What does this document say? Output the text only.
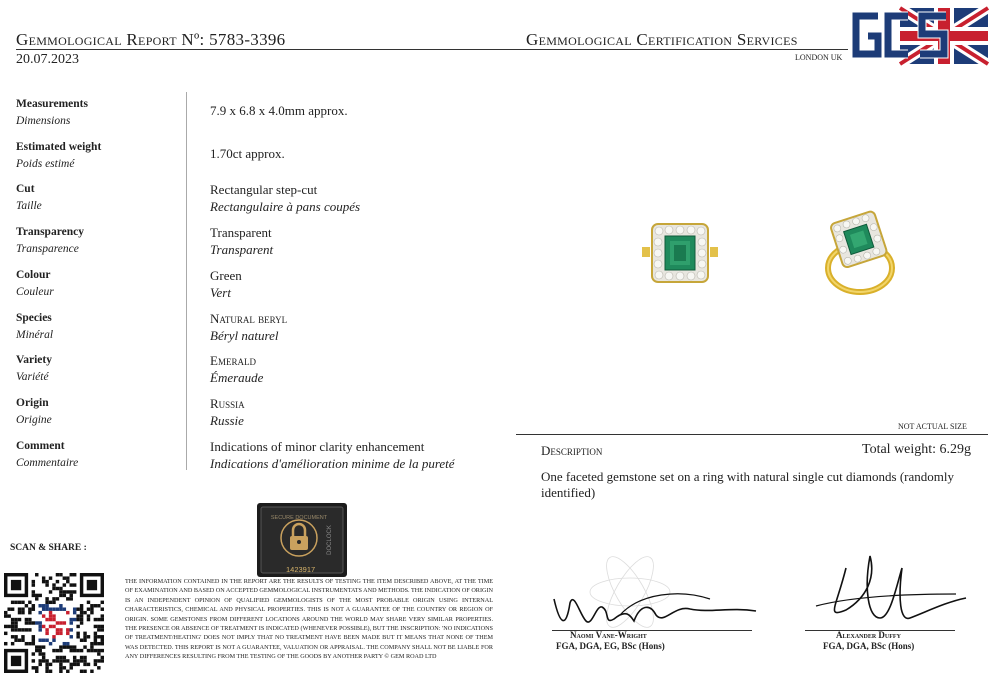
Gemmological Report Nº: 5783-3396
20.07.2023
Gemmological Certification Services
LONDON UK
GCS
Measurements
Dimensions
7.9 x 6.8 x 4.0mm approx.
Estimated weight
Poids estimé
1.70ct approx.
Cut
Taille
Rectangular step-cut
Rectangulaire à pans coupés
Transparency
Transparence
Transparent
Transparent
Colour
Couleur
Green
Vert
Species
Minéral
Natural beryl
Béryl naturel
Variety
Variété
Emerald
Émeraude
Origin
Origine
Russia
Russie
Comment
Commentaire
Indications of minor clarity enhancement
Indications d'amélioration minime de la pureté
NOT ACTUAL SIZE
Description	Total weight: 6.29g
One faceted gemstone set on a ring with natural single cut diamonds (randomly identified)
SCAN & SHARE :
SECURE DOCUMENT
DOCLOCK
1423917
THE INFORMATION CONTAINED IN THE REPORT ARE THE RESULTS OF TESTING THE ITEM DESCRIBED ABOVE, AT THE TIME OF EXAMINATION AND BASED ON ACCEPTED GEMMOLOGICAL INSTRUMENTATS AND METHODS. THE INDICATION OF ORIGIN IS AN INDEPENDENT OPINION OF QUALIFIED GEMMOLOGISTS OF THE MOST PROBABLE ORIGIN USING INTERNAL CHARACTERISTICS, CHEMICAL AND PHYSICAL PROPERTIES. THIS IS NOT A GUARANTEE OF THE COUNTRY OR REGION OF ORIGIN. SOME GEMSTONES FROM DIFFERENT LOCATIONS AROUND THE WORLD MAY SHARE VERY SIMILAR PROPERTIES. THE PRESENCE OR ABSENCE OF TREATMENT IS INDICATED (WHENEVER POSSIBLE), BUT THE INSCRIPTION: 'NO INDICATIONS OF TREATMENT/HEATING' DOES NOT IMPLY THAT NO TREATMENT HAVE BEEN MADE BUT IT MEANS THAT NONE OF THEM WAS DETECTED. THIS REPORT IS NOT A GUARANTEE, VALUATION OR APPRAISAL. THE COMPANY SHALL NOT BE LIABLE FOR ANY DIFFERENCES RESULTING FROM THE TESTING OF THE GOODS BY ANOTHER PARTY © GEM ROAD LTD
Naomi Vane-Wright
FGA, DGA, EG, BSc (Hons)
Alexander Duffy
FGA, DGA, BSc (Hons)
